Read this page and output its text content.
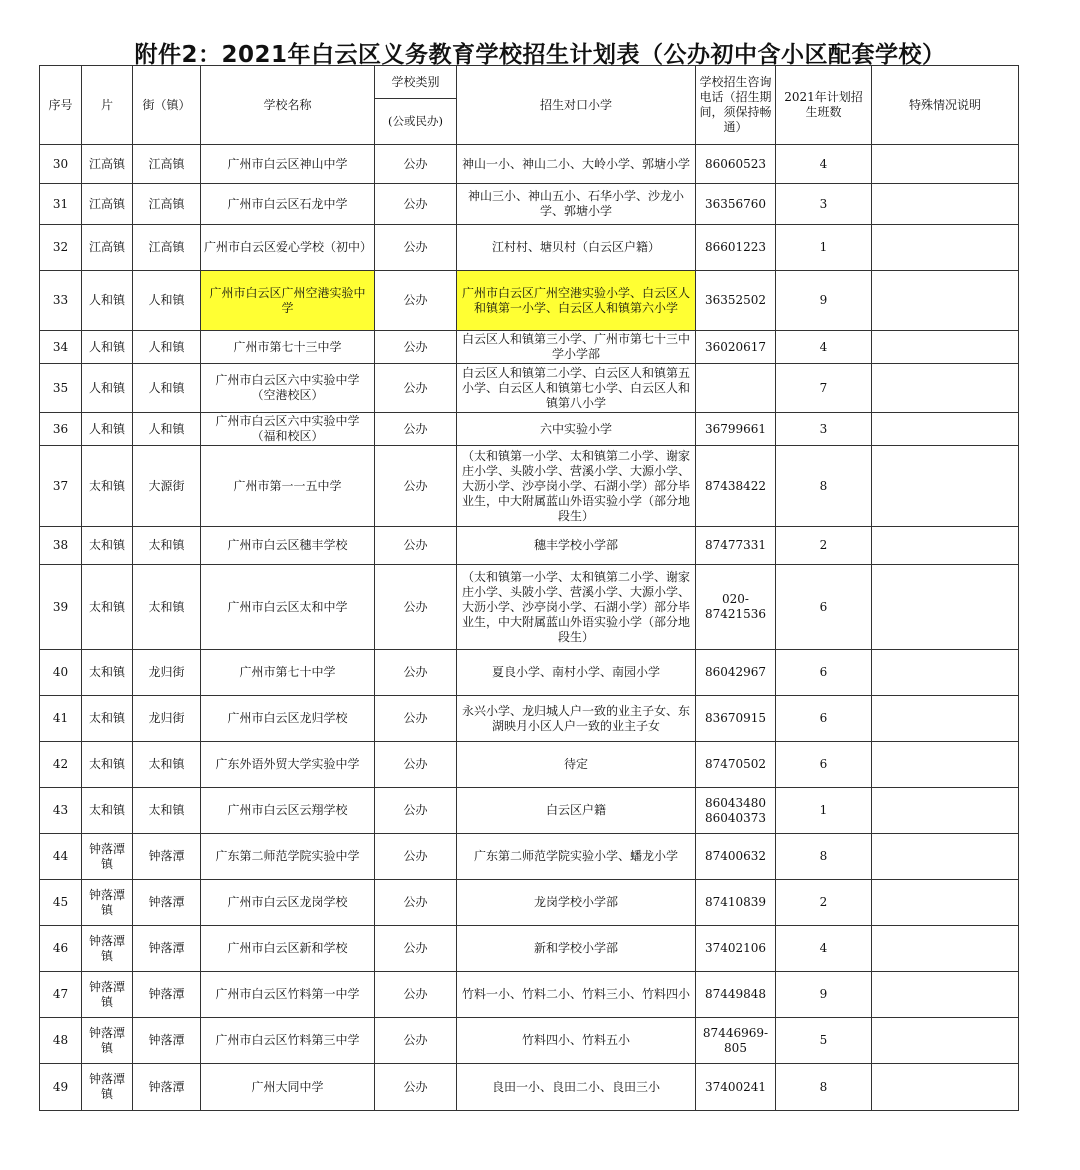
附件2：2021年白云区义务教育学校招生计划表（公办初中含小区配套学校）
序号	片	街（镇）	学校名称	学校类别	招生对口小学	学校招生咨询电话（招生期间，须保持畅通）	2021年计划招生班数	特殊情况说明
				(公或民办)				
30	江高镇	江高镇	广州市白云区神山中学	公办	神山一小、神山二小、大岭小学、郭塘小学	86060523	4	
31	江高镇	江高镇	广州市白云区石龙中学	公办	神山三小、神山五小、石华小学、沙龙小学、郭塘小学	36356760	3	
32	江高镇	江高镇	广州市白云区爱心学校（初中）	公办	江村村、塘贝村（白云区户籍）	86601223	1	
33	人和镇	人和镇	广州市白云区广州空港实验中学	公办	广州市白云区广州空港实验小学、白云区人和镇第一小学、白云区人和镇第六小学	36352502	9	
34	人和镇	人和镇	广州市第七十三中学	公办	白云区人和镇第三小学、广州市第七十三中学小学部	36020617	4	
35	人和镇	人和镇	广州市白云区六中实验中学（空港校区）	公办	白云区人和镇第二小学、白云区人和镇第五小学、白云区人和镇第七小学、白云区人和镇第八小学		7	
36	人和镇	人和镇	广州市白云区六中实验中学（福和校区）	公办	六中实验小学	36799661	3	
37	太和镇	大源街	广州市第一一五中学	公办	（太和镇第一小学、太和镇第二小学、谢家庄小学、头陂小学、营溪小学、大源小学、大沥小学、沙亭岗小学、石湖小学）部分毕业生，中大附属蓝山外语实验小学（部分地段生）	87438422	8	
38	太和镇	太和镇	广州市白云区穗丰学校	公办	穗丰学校小学部	87477331	2	
39	太和镇	太和镇	广州市白云区太和中学	公办	（太和镇第一小学、太和镇第二小学、谢家庄小学、头陂小学、营溪小学、大源小学、大沥小学、沙亭岗小学、石湖小学）部分毕业生，中大附属蓝山外语实验小学（部分地段生）	020-87421536	6	
40	太和镇	龙归街	广州市第七十中学	公办	夏良小学、南村小学、南园小学	86042967	6	
41	太和镇	龙归街	广州市白云区龙归学校	公办	永兴小学、龙归城人户一致的业主子女、东湖映月小区人户一致的业主子女	83670915	6	
42	太和镇	太和镇	广东外语外贸大学实验中学	公办	待定	87470502	6	
43	太和镇	太和镇	广州市白云区云翔学校	公办	白云区户籍	86043480
86040373	1	
44	钟落潭镇	钟落潭	广东第二师范学院实验中学	公办	广东第二师范学院实验小学、蟠龙小学	87400632	8	
45	钟落潭镇	钟落潭	广州市白云区龙岗学校	公办	龙岗学校小学部	87410839	2	
46	钟落潭镇	钟落潭	广州市白云区新和学校	公办	新和学校小学部	37402106	4	
47	钟落潭镇	钟落潭	广州市白云区竹料第一中学	公办	竹料一小、竹料二小、竹料三小、竹料四小	87449848	9	
48	钟落潭镇	钟落潭	广州市白云区竹料第三中学	公办	竹料四小、竹料五小	87446969-805	5	
49	钟落潭镇	钟落潭	广州大同中学	公办	良田一小、良田二小、良田三小	37400241	8	
